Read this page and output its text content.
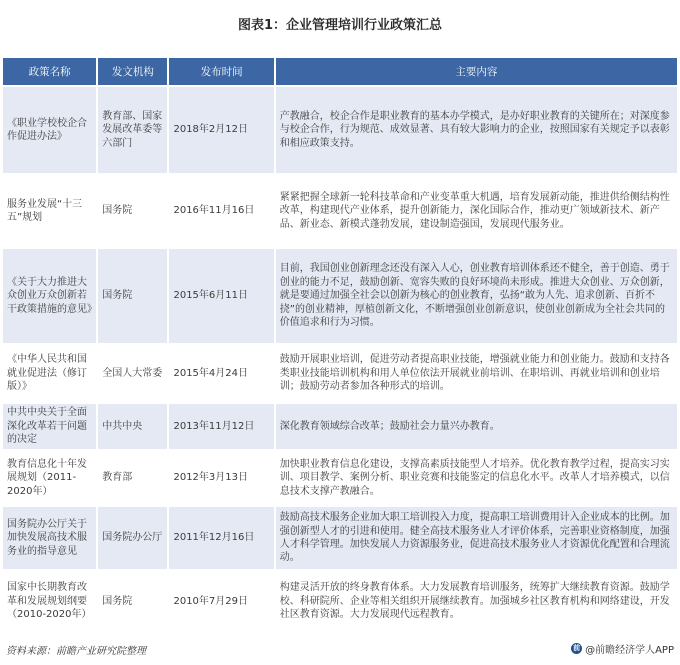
图表1：企业管理培训行业政策汇总
政策名称	发文机构	发布时间	主要内容
《职业学校校企合作促进办法》	教育部、国家发展改革委等六部门	2018年2月12日	产教融合，校企合作是职业教育的基本办学模式，是办好职业教育的关键所在；对深度参与校企合作，行为规范、成效显著、具有较大影响力的企业，按照国家有关规定予以表彰和相应政策支持。
服务业发展“十三五”规划	国务院	2016年11月16日	紧紧把握全球新一轮科技革命和产业变革重大机遇，培育发展新动能，推进供给侧结构性改革，构建现代产业体系，提升创新能力，深化国际合作，推动更广领域新技术、新产品、新业态、新模式蓬勃发展，建设制造强国，发展现代服务业。
《关于大力推进大众创业万众创新若干政策措施的意见》	国务院	2015年6月11日	目前，我国创业创新理念还没有深入人心，创业教育培训体系还不健全，善于创造、勇于创业的能力不足，鼓励创新、宽容失败的良好环境尚未形成。推进大众创业、万众创新，就是要通过加强全社会以创新为核心的创业教育，弘扬“敢为人先、追求创新、百折不挠”的创业精神，厚植创新文化，不断增强创业创新意识，使创业创新成为全社会共同的价值追求和行为习惯。
《中华人民共和国就业促进法（修订版）》	全国人大常委	2015年4月24日	鼓励开展职业培训，促进劳动者提高职业技能，增强就业能力和创业能力。鼓励和支持各类职业技能培训机构和用人单位依法开展就业前培训、在职培训、再就业培训和创业培训；鼓励劳动者参加各种形式的培训。
中共中央关于全面深化改革若干问题的决定	中共中央	2013年11月12日	深化教育领域综合改革；鼓励社会力量兴办教育。
教育信息化十年发展规划（2011-2020年）	教育部	2012年3月13日	加快职业教育信息化建设，支撑高素质技能型人才培养。优化教育教学过程，提高实习实训、项目教学、案例分析、职业竞赛和技能鉴定的信息化水平。改革人才培养模式，以信息技术支撑产教融合。
国务院办公厅关于加快发展高技术服务业的指导意见	国务院办公厅	2011年12月16日	鼓励高技术服务企业加大职工培训投入力度，提高职工培训费用计入企业成本的比例。加强创新型人才的引进和使用。健全高技术服务业人才评价体系，完善职业资格制度，加强人才科学管理。加快发展人力资源服务业，促进高技术服务业人才资源优化配置和合理流动。
国家中长期教育改革和发展规划纲要（2010-2020年）	国务院	2010年7月29日	构建灵活开放的终身教育体系。大力发展教育培训服务，统筹扩大继续教育资源。鼓励学校、科研院所、企业等相关组织开展继续教育。加强城乡社区教育机构和网络建设，开发社区教育资源。大力发展现代远程教育。
资料来源：前瞻产业研究院整理	前 @前瞻经济学人APP
